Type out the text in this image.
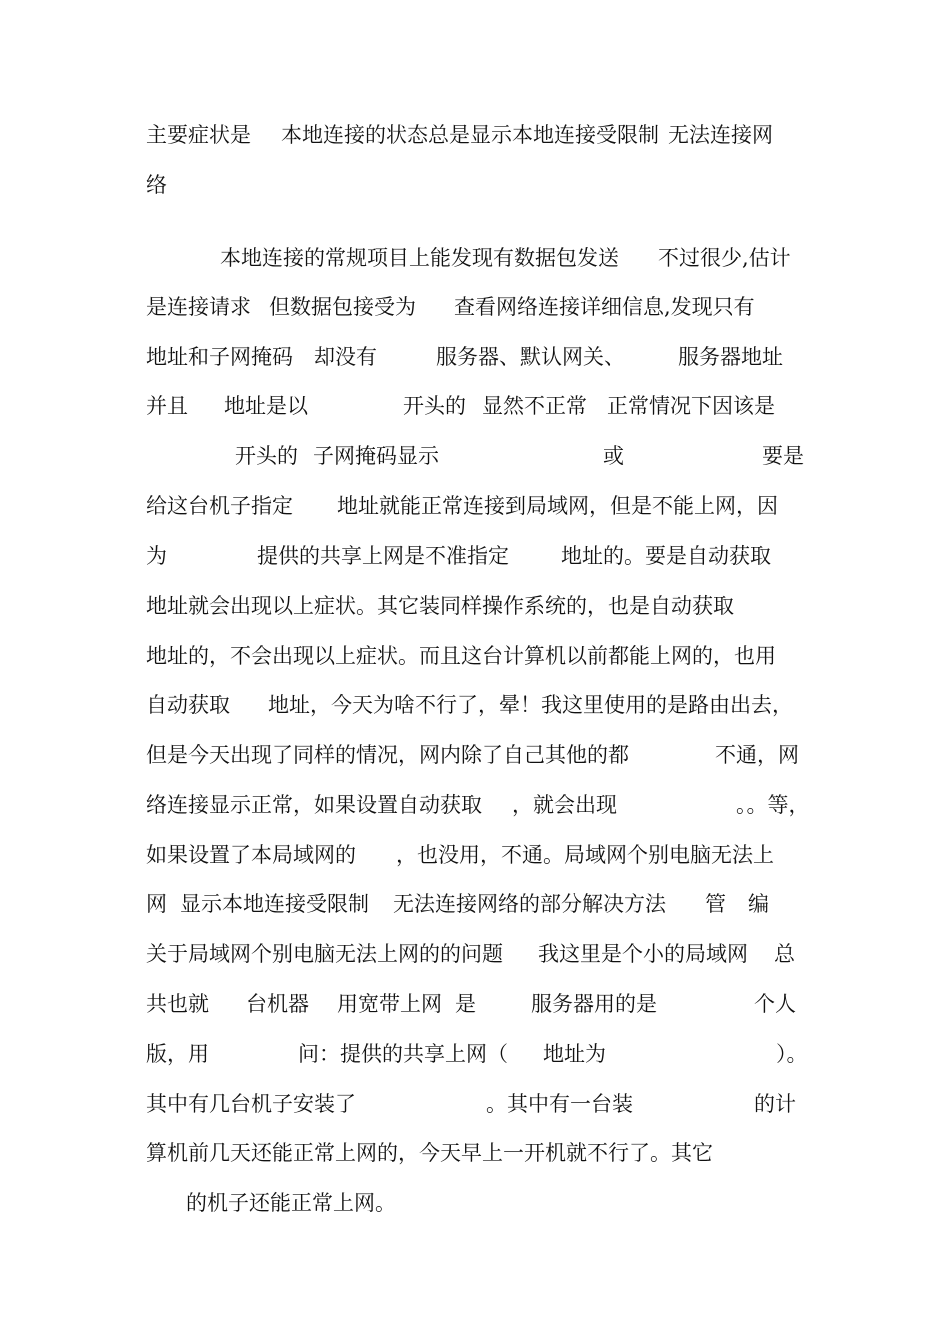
主要症状是

本地连接的状态总是显示本地连接受限制

无法连接网

络

本地连接的常规项目上能发现有数据包发送

不过很少,估计

是连接请求

但数据包接受为

查看网络连接详细信息,发现只有

地址和子网掩码

却没有

	服务器、默认网关、

	服务器地址

并且

地址是以

	开头的

显然不正常

正常情况下因该是

开头的

子网掩码显示

	或

	要是

给这台机子指定

地址就能正常连接到局域网，但是不能上网，因

为

	提供的共享上网是不准指定

地址的。要是自动获取

地址就会出现以上症状。其它装同样操作系统的，也是自动获取

地址的，不会出现以上症状。而且这台计算机以前都能上网的，也用

自动获取

地址，今天为啥不行了，晕！我这里使用的是路由出去，

但是今天出现了同样的情况，网内除了自己其他的都

	不通，网

络连接显示正常，如果设置自动获取

，就会出现

	。。等，

如果设置了本局域网的

，也没用，不通。局域网个别电脑无法上

网

显示本地连接受限制

无法连接网络的部分解决方法

管

编

关于局域网个别电脑无法上网的的问题

我这里是个小的局域网

总

共也就

台机器

用宽带上网

是

	服务器用的是

	个人

版，用

	问：提供的共享上网（

地址为

	）。

其中有几台机子安装了

	。其中有一台装

	的计

算机前几天还能正常上网的，今天早上一开机就不行了。其它

的机子还能正常上网。
